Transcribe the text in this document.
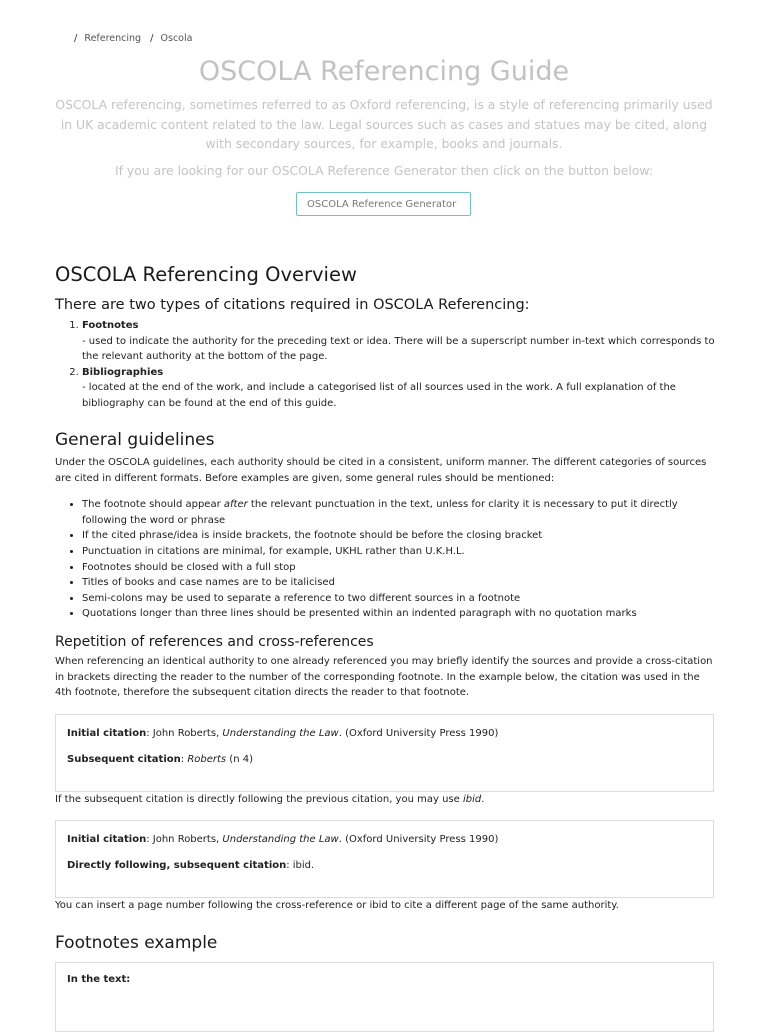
/ Referencing / Oscola
OSCOLA Referencing Guide

OSCOLA referencing, sometimes referred to as Oxford referencing, is a style of referencing primarily used in UK academic content related to the law. Legal sources such as cases and statues may be cited, along with secondary sources, for example, books and journals.

If you are looking for our OSCOLA Reference Generator then click on the button below:

OSCOLA Reference Generator
OSCOLA Referencing Overview
There are two types of citations required in OSCOLA Referencing:
1. Footnotes
- used to indicate the authority for the preceding text or idea. There will be a superscript number in-text which corresponds to the relevant authority at the bottom of the page.
2. Bibliographies
- located at the end of the work, and include a categorised list of all sources used in the work. A full explanation of the bibliography can be found at the end of this guide.
General guidelines

Under the OSCOLA guidelines, each authority should be cited in a consistent, uniform manner. The different categories of sources are cited in different formats. Before examples are given, some general rules should be mentioned:

• The footnote should appear after the relevant punctuation in the text, unless for clarity it is necessary to put it directly following the word or phrase
• If the cited phrase/idea is inside brackets, the footnote should be before the closing bracket
• Punctuation in citations are minimal, for example, UKHL rather than U.K.H.L.
• Footnotes should be closed with a full stop
• Titles of books and case names are to be italicised
• Semi-colons may be used to separate a reference to two different sources in a footnote
• Quotations longer than three lines should be presented within an indented paragraph with no quotation marks
Repetition of references and cross-references

When referencing an identical authority to one already referenced you may briefly identify the sources and provide a cross-citation in brackets directing the reader to the number of the corresponding footnote. In the example below, the citation was used in the 4th footnote, therefore the subsequent citation directs the reader to that footnote.

Initial citation: John Roberts, Understanding the Law. (Oxford University Press 1990)
Subsequent citation: Roberts (n 4)

If the subsequent citation is directly following the previous citation, you may use ibid.

Initial citation: John Roberts, Understanding the Law. (Oxford University Press 1990)
Directly following, subsequent citation: ibid.

You can insert a page number following the cross-reference or ibid to cite a different page of the same authority.

Footnotes example
In the text:
